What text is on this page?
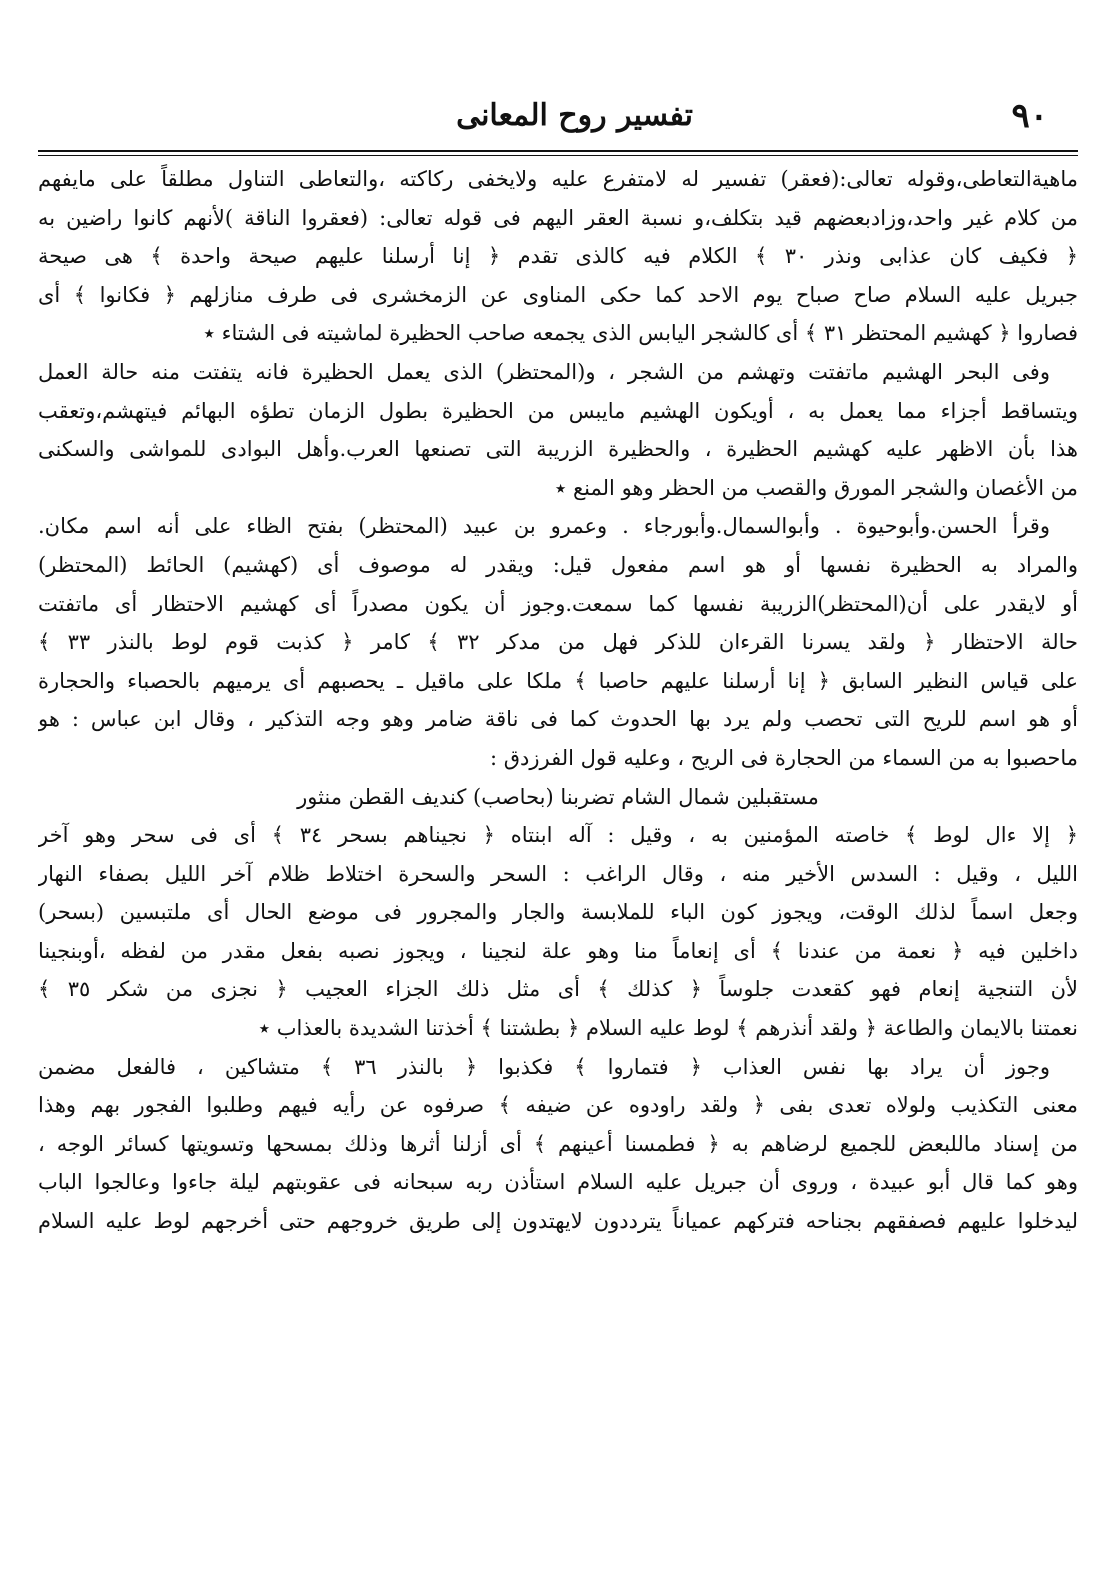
تفسير روح المعانى	٩٠
ماهيةالتعاطى،وقوله تعالى:(فعقر) تفسير له لامتفرع عليه ولايخفى ركاكته ،والتعاطى التناول مطلقاً على مايفهم
من كلام غير واحد،وزادبعضهم قيد بتكلف،و نسبة العقر اليهم فى قوله تعالى: (فعقروا الناقة )لأنهم كانوا راضين به
﴿ فكيف كان عذابى ونذر ٣٠ ﴾ الكلام فيه كالذى تقدم ﴿ إنا أرسلنا عليهم صيحة واحدة ﴾ هى صيحة
جبريل عليه السلام صاح صباح يوم الاحد كما حكى المناوى عن الزمخشرى فى طرف منازلهم ﴿ فكانوا ﴾ أى
فصاروا ﴿ كهشيم المحتظر ٣١ ﴾ أى كالشجر اليابس الذى يجمعه صاحب الحظيرة لماشيته فى الشتاء ٭
وفى البحر الهشيم ماتفتت وتهشم من الشجر ، و(المحتظر) الذى يعمل الحظيرة فانه يتفتت منه حالة العمل
ويتساقط أجزاء مما يعمل به ، أويكون الهشيم مايبس من الحظيرة بطول الزمان تطؤه البهائم فيتهشم،وتعقب
هذا بأن الاظهر عليه كهشيم الحظيرة ، والحظيرة الزريبة التى تصنعها العرب.وأهل البوادى للمواشى والسكنى
من الأغصان والشجر المورق والقصب من الحظر وهو المنع ٭
وقرأ الحسن.وأبوحيوة . وأبوالسمال.وأبورجاء . وعمرو بن عبيد (المحتظر) بفتح الظاء على أنه اسم مكان.
والمراد به الحظيرة نفسها أو هو اسم مفعول قيل: ويقدر له موصوف أى (كهشيم) الحائط (المحتظر)
أو لايقدر على أن(المحتظر)الزريبة نفسها كما سمعت.وجوز أن يكون مصدراً أى كهشيم الاحتظار أى ماتفتت
حالة الاحتظار ﴿ ولقد يسرنا القرءان للذكر فهل من مدكر ٣٢ ﴾ كامر ﴿ كذبت قوم لوط بالنذر ٣٣ ﴾
على قياس النظير السابق ﴿ إنا أرسلنا عليهم حاصبا ﴾ ملكا على ماقيل ـ يحصبهم أى يرميهم بالحصباء والحجارة
أو هو اسم للريح التى تحصب ولم يرد بها الحدوث كما فى ناقة ضامر وهو وجه التذكير ، وقال ابن عباس : هو
ماحصبوا به من السماء من الحجارة فى الريح ، وعليه قول الفرزدق :
مستقبلين شمال الشام تضربنا (بحاصب) كنديف القطن منثور
﴿ إلا ءال لوط ﴾ خاصته المؤمنين به ، وقيل : آله ابنتاه ﴿ نجيناهم بسحر ٣٤ ﴾ أى فى سحر وهو آخر
الليل ، وقيل : السدس الأخير منه ، وقال الراغب : السحر والسحرة اختلاط ظلام آخر الليل بصفاء النهار
وجعل اسماً لذلك الوقت، ويجوز كون الباء للملابسة والجار والمجرور فى موضع الحال أى ملتبسين (بسحر)
داخلين فيه ﴿ نعمة من عندنا ﴾ أى إنعاماً منا وهو علة لنجينا ، ويجوز نصبه بفعل مقدر من لفظه ،أوبنجينا
لأن التنجية إنعام فهو كقعدت جلوساً ﴿ كذلك ﴾ أى مثل ذلك الجزاء العجيب ﴿ نجزى من شكر ٣٥ ﴾
نعمتنا بالايمان والطاعة ﴿ ولقد أنذرهم ﴾ لوط عليه السلام ﴿ بطشتنا ﴾ أخذتنا الشديدة بالعذاب ٭
وجوز أن يراد بها نفس العذاب ﴿ فتماروا ﴾ فكذبوا ﴿ بالنذر ٣٦ ﴾ متشاكين ، فالفعل مضمن
معنى التكذيب ولولاه تعدى بفى ﴿ ولقد راودوه عن ضيفه ﴾ صرفوه عن رأيه فيهم وطلبوا الفجور بهم وهذا
من إسناد ماللبعض للجميع لرضاهم به ﴿ فطمسنا أعينهم ﴾ أى أزلنا أثرها وذلك بمسحها وتسويتها كسائر الوجه ،
وهو كما قال أبو عبيدة ، وروى أن جبريل عليه السلام استأذن ربه سبحانه فى عقوبتهم ليلة جاءوا وعالجوا الباب
ليدخلوا عليهم فصفقهم بجناحه فتركهم عمياناً يترددون لايهتدون إلى طريق خروجهم حتى أخرجهم لوط عليه السلام
